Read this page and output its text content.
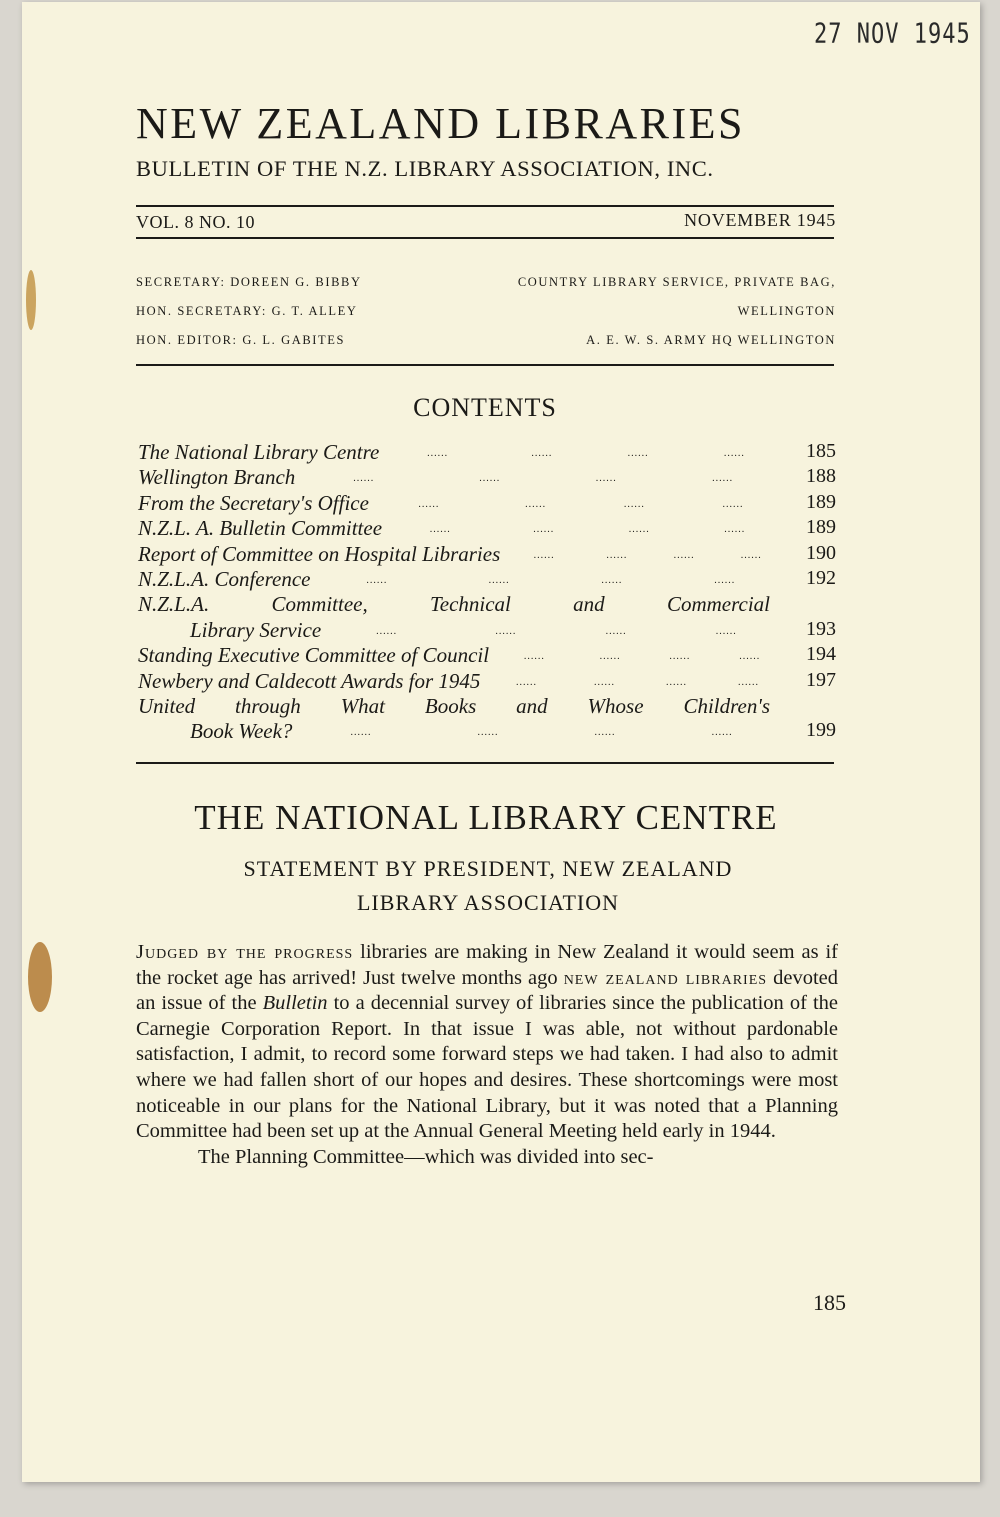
27 NOV 1945
NEW ZEALAND LIBRARIES
BULLETIN OF THE N.Z. LIBRARY ASSOCIATION, INC.
VOL. 8 NO. 10	NOVEMBER 1945
SECRETARY: DOREEN G. BIBBY
HON. SECRETARY: G. T. ALLEY
HON. EDITOR: G. L. GABITES
COUNTRY LIBRARY SERVICE, PRIVATE BAG,
WELLINGTON
A. E. W. S. ARMY HQ WELLINGTON
CONTENTS
The National Library Centre	185
......	......	......	......
Wellington Branch	188
......	......	......	......
From the Secretary's Office	189
......	......	......	......
N.Z.L. A. Bulletin Committee	189
......	......	......	......
Report of Committee on Hospital Libraries	190
......	......	......	......
N.Z.L.A. Conference	192
......	......	......	......
N.Z.L.A. Committee, Technical and Commercial
Library Service	193
......	......	......	......
Standing Executive Committee of Council	194
......	......	......	......
Newbery and Caldecott Awards for 1945	197
......	......	......	......
United through What Books and Whose Children's
Book Week?	199
......	......	......	......
THE NATIONAL LIBRARY CENTRE
STATEMENT BY PRESIDENT, NEW ZEALAND
LIBRARY ASSOCIATION

Judged by the progress libraries are making in New Zealand it would seem as if the rocket age has arrived! Just twelve months ago new zealand libraries devoted an issue of the Bulletin to a decennial survey of libraries since the publication of the Carnegie Corporation Report. In that issue I was able, not without pardonable satisfaction, I admit, to record some forward steps we had taken. I had also to admit where we had fallen short of our hopes and desires. These shortcomings were most noticeable in our plans for the National Library, but it was noted that a Planning Committee had been set up at the Annual General Meeting held early in 1944.

The Planning Committee—which was divided into sec-

185
